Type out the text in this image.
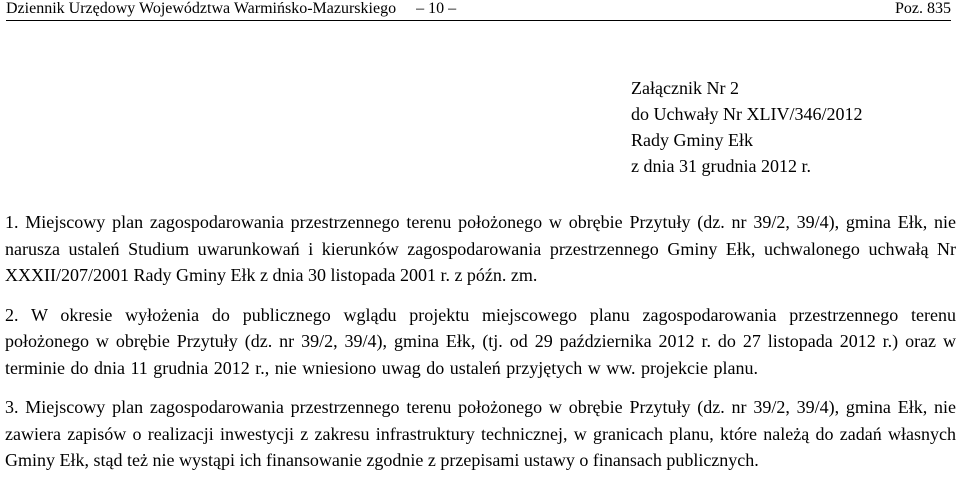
Dziennik Urzędowy Województwa Warmińsko-Mazurskiego – 10 –	Poz. 835
Załącznik Nr 2
do Uchwały Nr XLIV/346/2012
Rady Gminy Ełk
z dnia 31 grudnia 2012 r.

1. Miejscowy plan zagospodarowania przestrzennego terenu położonego w obrębie Przytuły (dz. nr 39/2, 39/4), gmina Ełk, nie narusza ustaleń Studium uwarunkowań i kierunków zagospodarowania przestrzennego Gminy Ełk, uchwalonego uchwałą Nr XXXII/207/2001 Rady Gminy Ełk z dnia 30 listopada 2001 r. z późn. zm.

2. W okresie wyłożenia do publicznego wglądu projektu miejscowego planu zagospodarowania przestrzennego terenu położonego w obrębie Przytuły (dz. nr 39/2, 39/4), gmina Ełk, (tj. od 29 października 2012 r. do 27 listopada 2012 r.) oraz w terminie do dnia 11 grudnia 2012 r., nie wniesiono uwag do ustaleń przyjętych w ww. projekcie planu.

3. Miejscowy plan zagospodarowania przestrzennego terenu położonego w obrębie Przytuły (dz. nr 39/2, 39/4), gmina Ełk, nie zawiera zapisów o realizacji inwestycji z zakresu infrastruktury technicznej, w granicach planu, które należą do zadań własnych Gminy Ełk, stąd też nie wystąpi ich finansowanie zgodnie z przepisami ustawy o finansach publicznych.
